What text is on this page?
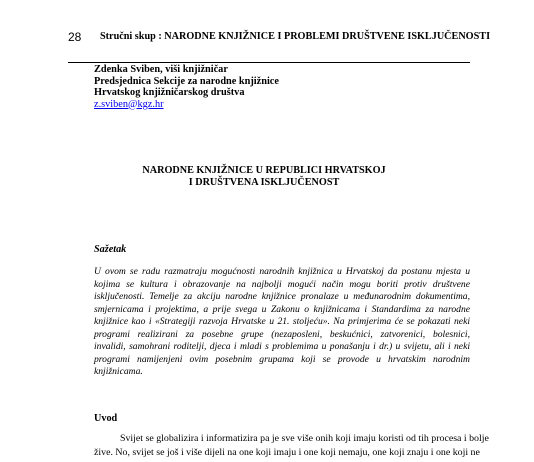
28 Stručni skup : NARODNE KNJIŽNICE I PROBLEMI DRUŠTVENE ISKLJUČENOSTI
Zdenka Sviben, viši knjižničar
Predsjednica Sekcije za narodne knjižnice
Hrvatskog knjižničarskog društva
z.sviben@kgz.hr
NARODNE KNJIŽNICE U REPUBLICI HRVATSKOJ
I DRUŠTVENA ISKLJUČENOST
Sažetak
U ovom se radu razmatraju mogućnosti narodnih knjižnica u Hrvatskoj da postanu mjesta u
kojima se kultura i obrazovanje na najbolji mogući način mogu boriti protiv društvene
isključenosti. Temelje za akciju narodne knjižnice pronalaze u međunarodnim dokumentima,
smjernicama i projektima, a prije svega u Zakonu o knjižnicama i Standardima za narodne
knjižnice kao i «Strategiji razvoja Hrvatske u 21. stoljeću». Na primjerima će se pokazati neki
programi realizirani za posebne grupe (nezaposleni, beskućnici, zatvorenici, bolesnici,
invalidi, samohrani roditelji, djeca i mladi s problemima u ponašanju i dr.) u svijetu, ali i neki
programi namijenjeni ovim posebnim grupama koji se provode u hrvatskim narodnim
knjižnicama.
Uvod
Svijet se globalizira i informatizira pa je sve više onih koji imaju koristi od tih procesa i bolje
žive. No, svijet se još i više dijeli na one koji imaju i one koji nemaju, one koji znaju i one koji ne
